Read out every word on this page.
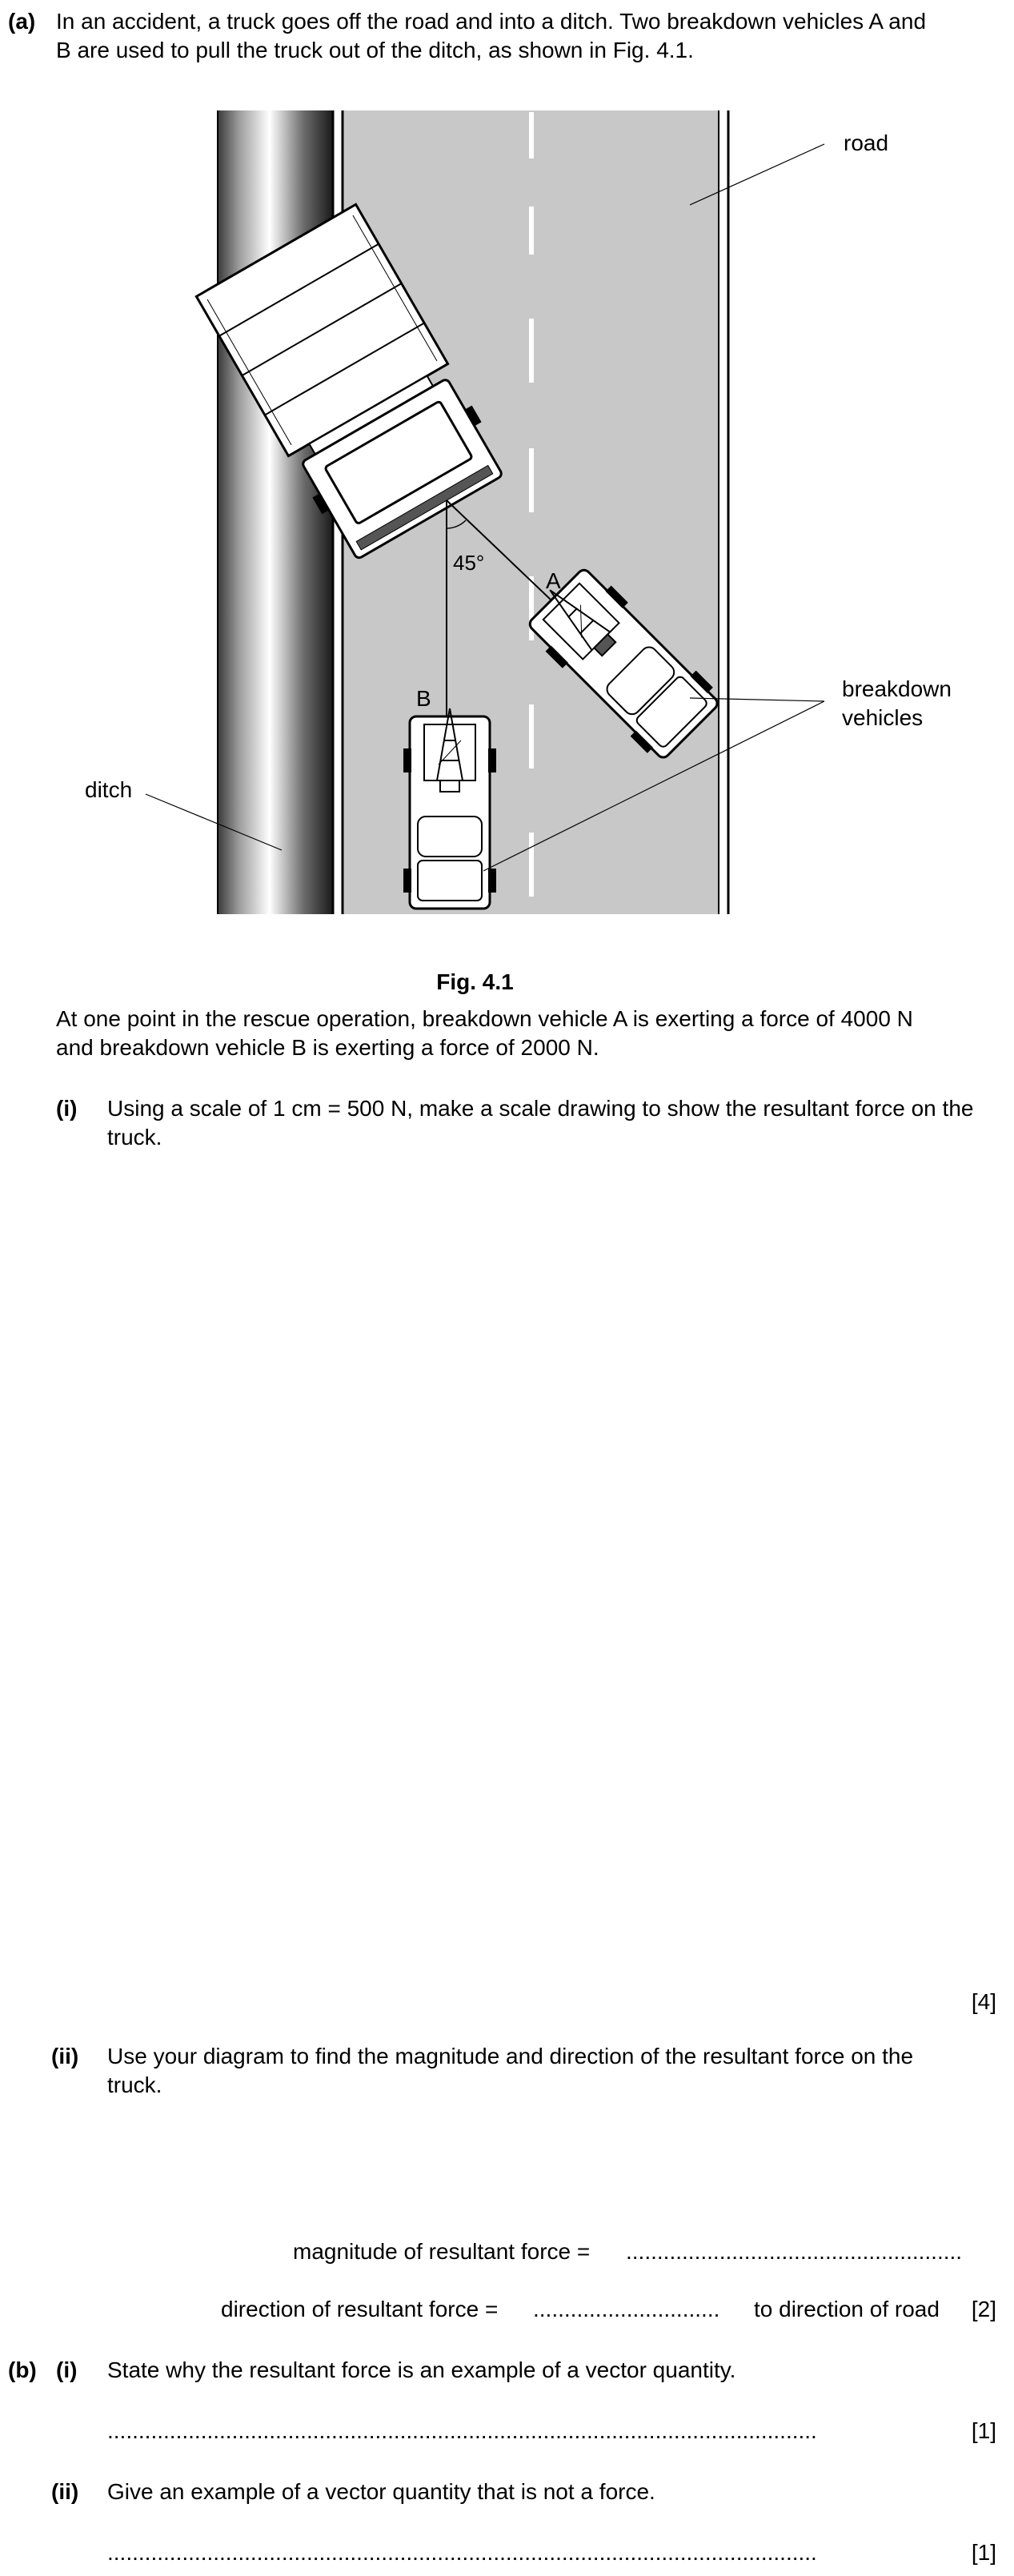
(a) In an accident, a truck goes off the road and into a ditch. Two breakdown vehicles A and
B are used to pull the truck out of the ditch, as shown in Fig. 4.1.
45°
B
A
road
ditch
breakdown
vehicles
Fig. 4.1
At one point in the rescue operation, breakdown vehicle A is exerting a force of 4000 N
and breakdown vehicle B is exerting a force of 2000 N.
(i) Using a scale of 1 cm = 500 N, make a scale drawing to show the resultant force on the
truck.
[4]
(ii) Use your diagram to find the magnitude and direction of the resultant force on the
truck.
magnitude of resultant force = ......................................................
direction of resultant force = .............................. to direction of road	[2]
(b) (i) State why the resultant force is an example of a vector quantity.
..................................................................................................................	[1]
(ii) Give an example of a vector quantity that is not a force.
..................................................................................................................	[1]
